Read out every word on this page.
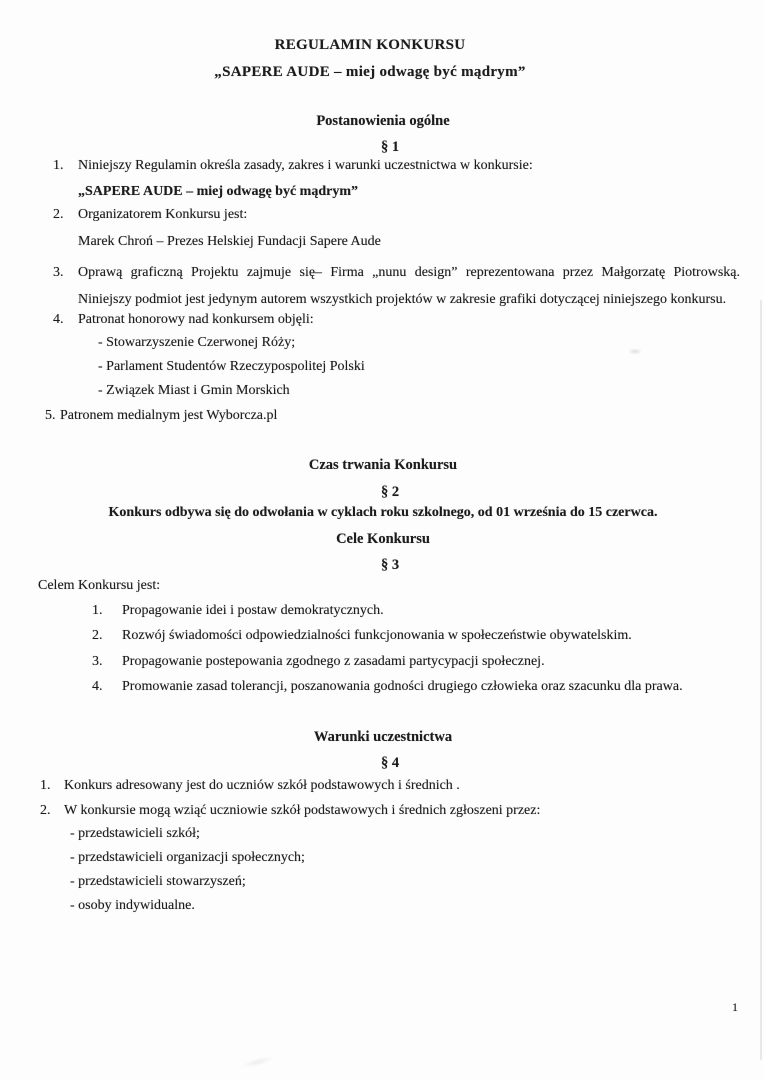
REGULAMIN KONKURSU
„SAPERE AUDE – miej odwagę być mądrym”
Postanowienia ogólne
§ 1
1.	Niniejszy Regulamin określa zasady, zakres i warunki uczestnictwa w konkursie:
„SAPERE AUDE – miej odwagę być mądrym”
2.	Organizatorem Konkursu jest:
Marek Chroń – Prezes Helskiej Fundacji Sapere Aude
3.	Oprawą graficzną Projektu zajmuje się– Firma „nunu design” reprezentowana przez Małgorzatę Piotrowską. Niniejszy podmiot jest jedynym autorem wszystkich projektów w zakresie grafiki dotyczącej niniejszego konkursu.
4.	Patronat honorowy nad konkursem objęli:
- Stowarzyszenie Czerwonej Róży;
- Parlament Studentów Rzeczypospolitej Polski
- Związek Miast i Gmin Morskich
5. Patronem medialnym jest Wyborcza.pl
Czas trwania Konkursu
§ 2
Konkurs odbywa się do odwołania w cyklach roku szkolnego, od 01 września do 15 czerwca.
Cele Konkursu
§ 3
Celem Konkursu jest:
1.	Propagowanie idei i postaw demokratycznych.
2.	Rozwój świadomości odpowiedzialności funkcjonowania w społeczeństwie obywatelskim.
3.	Propagowanie postepowania zgodnego z zasadami partycypacji społecznej.
4.	Promowanie zasad tolerancji, poszanowania godności drugiego człowieka oraz szacunku dla prawa.
Warunki uczestnictwa
§ 4
1. Konkurs adresowany jest do uczniów szkół podstawowych i średnich .
2. W konkursie mogą wziąć uczniowie szkół podstawowych i średnich zgłoszeni przez:
- przedstawicieli szkół;
- przedstawicieli organizacji społecznych;
- przedstawicieli stowarzyszeń;
- osoby indywidualne.
1
